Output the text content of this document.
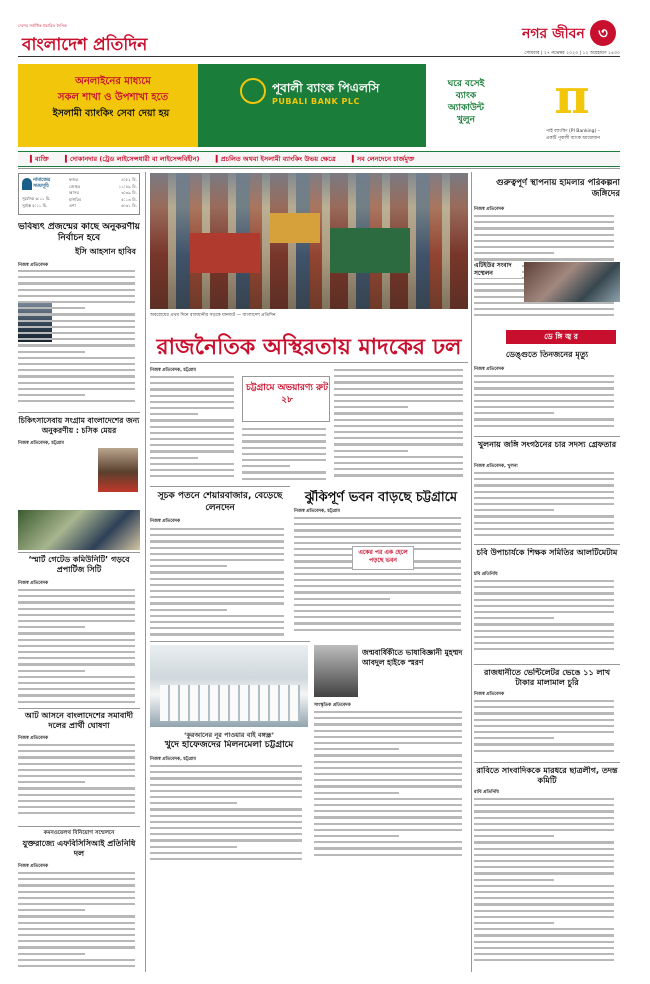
দেশের সর্বাধিক প্রচারিত দৈনিক
বাংলাদেশ প্রতিদিন
নগর জীবন ৩
সোমবার | ২৭ নভেম্বর ২০২৩ | ১২ অগ্রহায়ণ ১৪৩০
অনলাইনের মাধ্যমে
সকল শাখা ও উপশাখা হতে
ইসলামী ব্যাংকিং সেবা দেয়া হয়
পূবালী ব্যাংক পিএলসি
PUBALI BANK PLC
ঘরে বসেই
ব্যাংক
অ্যাকাউন্ট
খুলুন	π
পাই ব্যাংকিং (PI Banking) –
একটি পূবালী ব্যাংক আয়োজন
▍ব্যক্তি	▍দোকানদার (ট্রেড লাইসেন্সধারী বা লাইসেন্সবিহীন)	▍প্রচলিত অথবা ইসলামী ব্যাংকিং উভয় ক্ষেত্রে	▍সব লেনদেনে চার্জমুক্ত
নামাজের সময়সূচি
ফজর	৪:৫২ মি.
জোহর	১১:৪৯ মি.
আসর	৩:৩৯ মি.
মাগরিব	৫:১৩ মি.
এশা	৬:৩১ মি.
সূর্যোদয় ৬:১১ মি.
সূর্যাস্ত ৫:১১ মি.
ভবিষ্যৎ প্রজন্মের কাছে অনুকরণীয় নির্বাচন হবে
ইসি আহসান হাবিব
নিজস্ব প্রতিবেদক
চিকিৎসাসেবায় সংগ্রাম বাংলাদেশের জন্য অনুকরণীয় : চসিক মেয়র
নিজস্ব প্রতিবেদক, চট্টগ্রাম
‘স্মার্ট গেটেড কমিউনিটি’ গড়বে প্রপার্টিজ সিটি
নিজস্ব প্রতিবেদক
আট আসনে বাংলাদেশের সমাবাদী দলের প্রার্থী ঘোষণা
নিজস্ব প্রতিবেদক
কমনওয়েলথ বিনিয়োগ সম্মেলনে
যুক্তরাজ্যে এফবিসিসিআই প্রতিনিধি দল
নিজস্ব প্রতিবেদক
অবরোধের প্রথম দিনে রাজধানীর সড়কে যানজট — বাংলাদেশ প্রতিদিন
রাজনৈতিক অস্থিরতায় মাদকের ঢল
নিজস্ব প্রতিবেদক, চট্টগ্রাম
চট্টগ্রামে অভয়ারণ্য রুট ২৮
গুরুত্বপূর্ণ স্থাপনায় হামলার পরিকল্পনা জঙ্গিদের
নিজস্ব প্রতিবেদক
এটিইউর সংবাদ সম্মেলন
সূচক পতনে শেয়ারবাজার, বেড়েছে লেনদেন
নিজস্ব প্রতিবেদক
ঝুঁকিপূর্ণ ভবন বাড়ছে চট্টগ্রামে
নিজস্ব প্রতিবেদক, চট্টগ্রাম
একের পর এক হেলে পড়ছে ভবন
‘কুরআনের নূর পাওয়ার বাই বঙ্গন্ধ্ৰ’
খুদে হাফেজদের মিলনমেলা চট্টগ্রামে
নিজস্ব প্রতিবেদক, চট্টগ্রাম
জন্মবার্ষিকীতে ভাষাবিজ্ঞানী মুহম্মদ আবদুল হাইকে স্মরণ
সাংস্কৃতিক প্রতিবেদক
ডে ঙ্গি জ্ব র
ডেঙ্গুতে তিনজনের মৃত্যু
নিজস্ব প্রতিবেদক
খুলনায় জঙ্গি সংগঠনের চার সদস্য গ্রেফতার
নিজস্ব প্রতিবেদক, খুলনা
চবি উপাচার্যকে শিক্ষক সমিতির আলটিমেটাম
চবি প্রতিনিধি
রাজধানীতে ভেন্টিলেটর ভেঙে ১১ লাখ টাকার মালামাল চুরি
নিজস্ব প্রতিবেদক
রাবিতে সাংবাদিককে মারধরে ছাত্রলীগ, তদন্ত কমিটি
রাবি প্রতিনিধি
